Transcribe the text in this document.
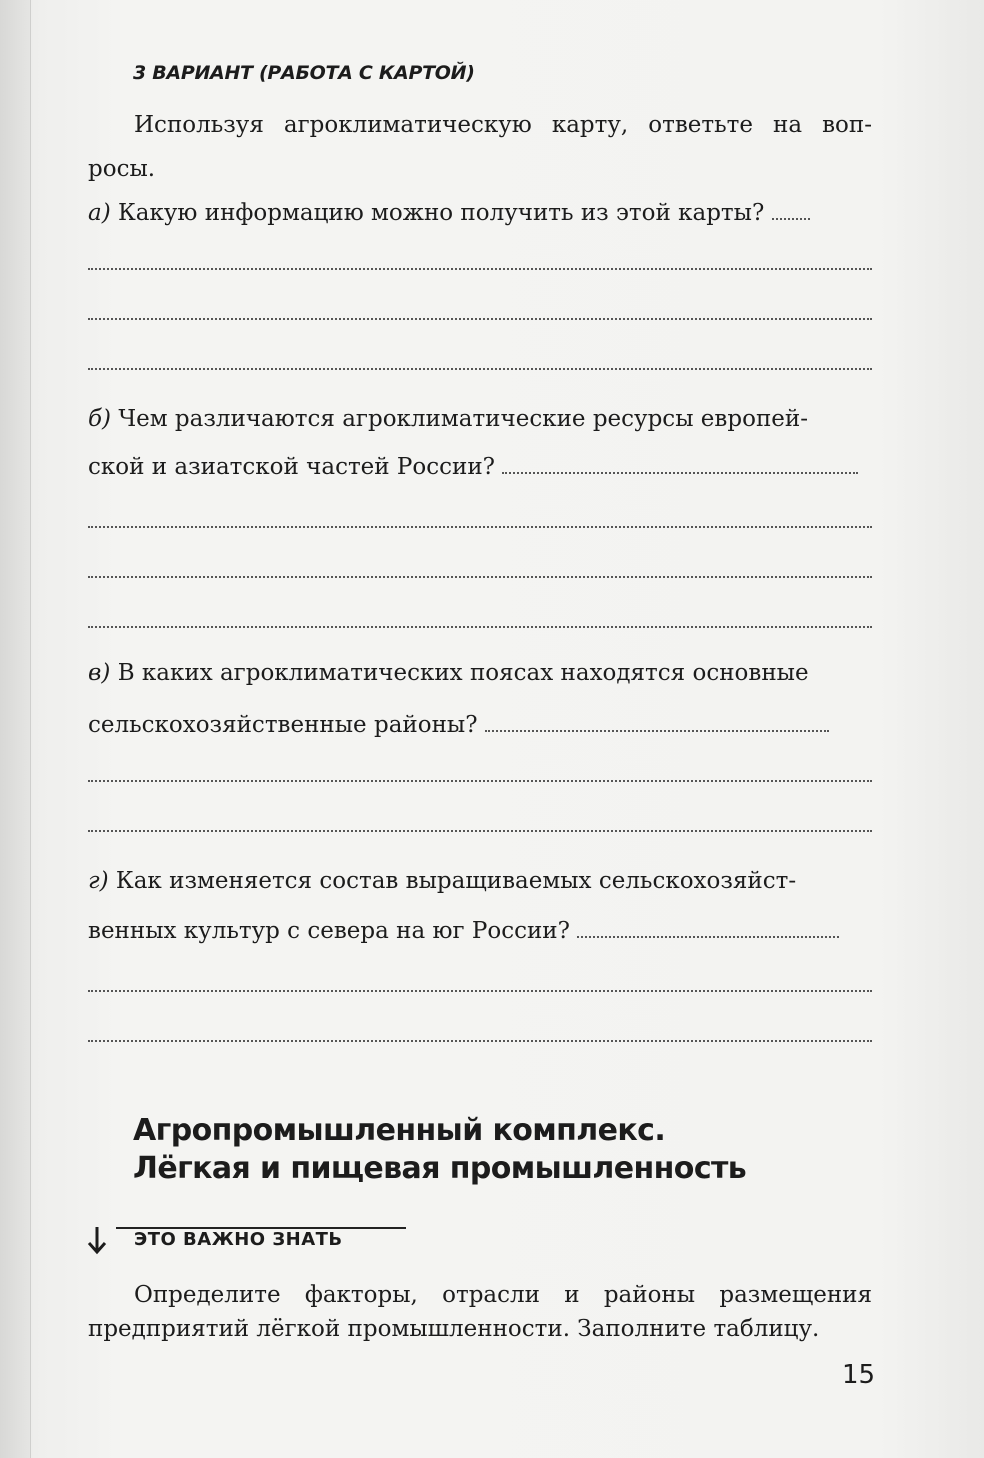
3 ВАРИАНТ (РАБОТА С КАРТОЙ)
Используя агроклиматическую карту, ответьте на воп-
росы.
а) Какую информацию можно получить из этой карты?
б) Чем различаются агроклиматические ресурсы европей-
ской и азиатской частей России?
в) В каких агроклиматических поясах находятся основные
сельскохозяйственные районы?
г) Как изменяется состав выращиваемых сельскохозяйст-
венных культур с севера на юг России?
Агропромышленный комплекс.
Лёгкая и пищевая промышленность
ЭТО ВАЖНО ЗНАТЬ
Определите факторы, отрасли и районы размещения предприятий лёгкой промышленности. Заполните таблицу.
15
